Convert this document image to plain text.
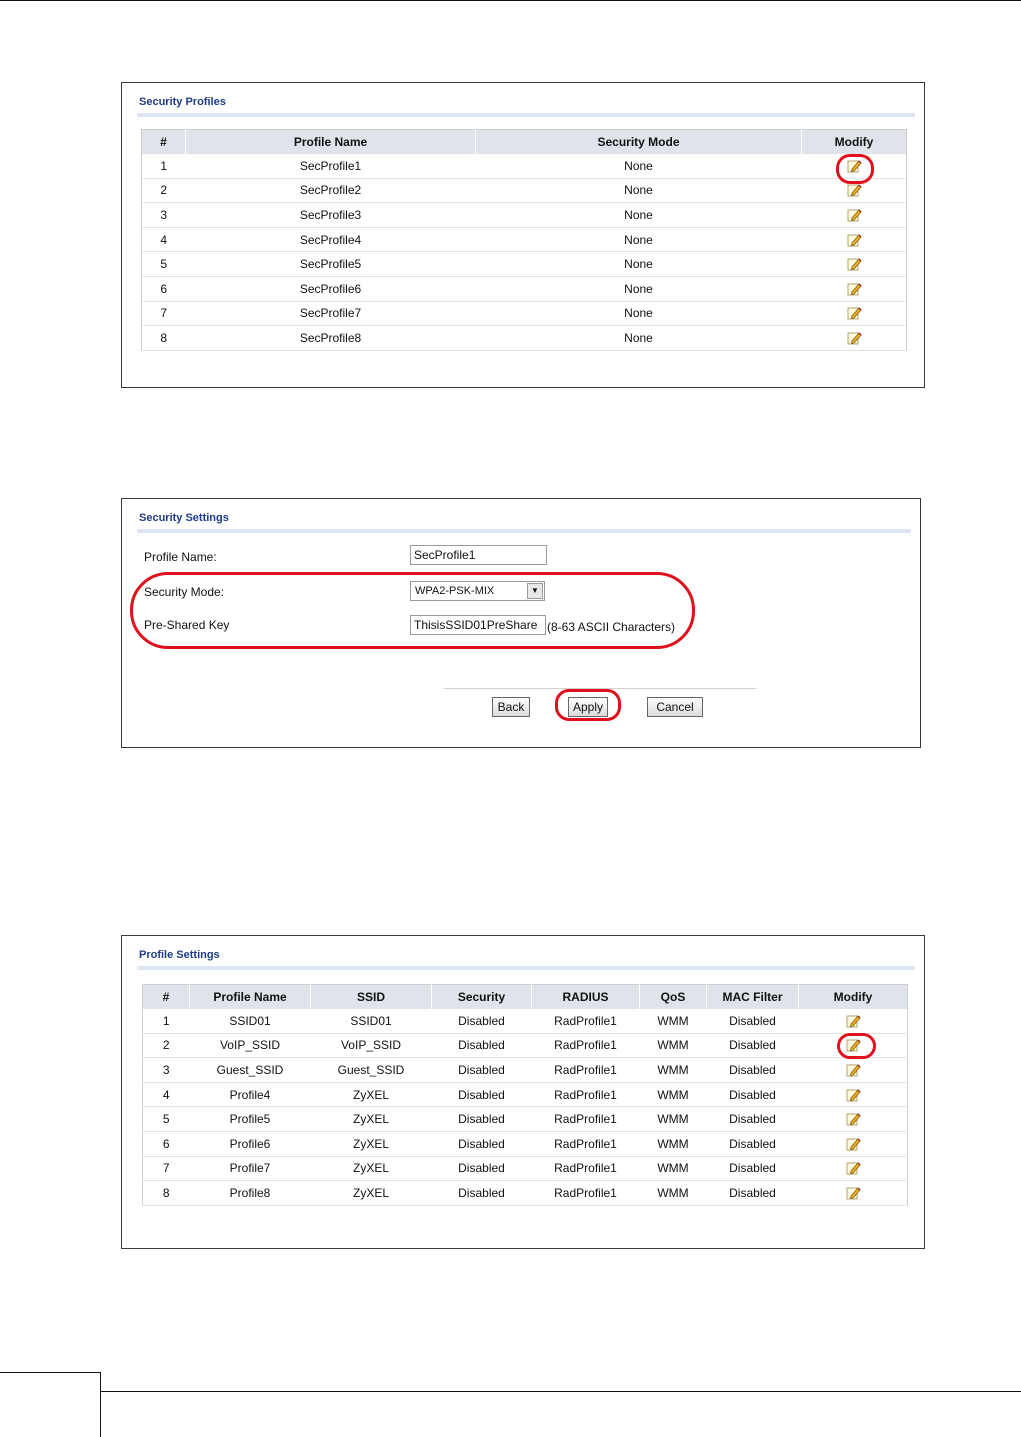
Security Profiles
#	Profile Name	Security Mode	Modify
1	SecProfile1	None	
2	SecProfile2	None	
3	SecProfile3	None	
4	SecProfile4	None	
5	SecProfile5	None	
6	SecProfile6	None	
7	SecProfile7	None	
8	SecProfile8	None	
Security Settings
Profile Name:	SecProfile1
Security Mode:	WPA2-PSK-MIX	▼
Pre-Shared Key	ThisisSSID01PreShare (8-63 ASCII Characters)
Back	Apply	Cancel
Profile Settings
#	Profile Name	SSID	Security	RADIUS	QoS	MAC Filter	Modify
1	SSID01	SSID01	Disabled	RadProfile1	WMM	Disabled	
2	VoIP_SSID	VoIP_SSID	Disabled	RadProfile1	WMM	Disabled	
3	Guest_SSID	Guest_SSID	Disabled	RadProfile1	WMM	Disabled	
4	Profile4	ZyXEL	Disabled	RadProfile1	WMM	Disabled	
5	Profile5	ZyXEL	Disabled	RadProfile1	WMM	Disabled	
6	Profile6	ZyXEL	Disabled	RadProfile1	WMM	Disabled	
7	Profile7	ZyXEL	Disabled	RadProfile1	WMM	Disabled	
8	Profile8	ZyXEL	Disabled	RadProfile1	WMM	Disabled	
